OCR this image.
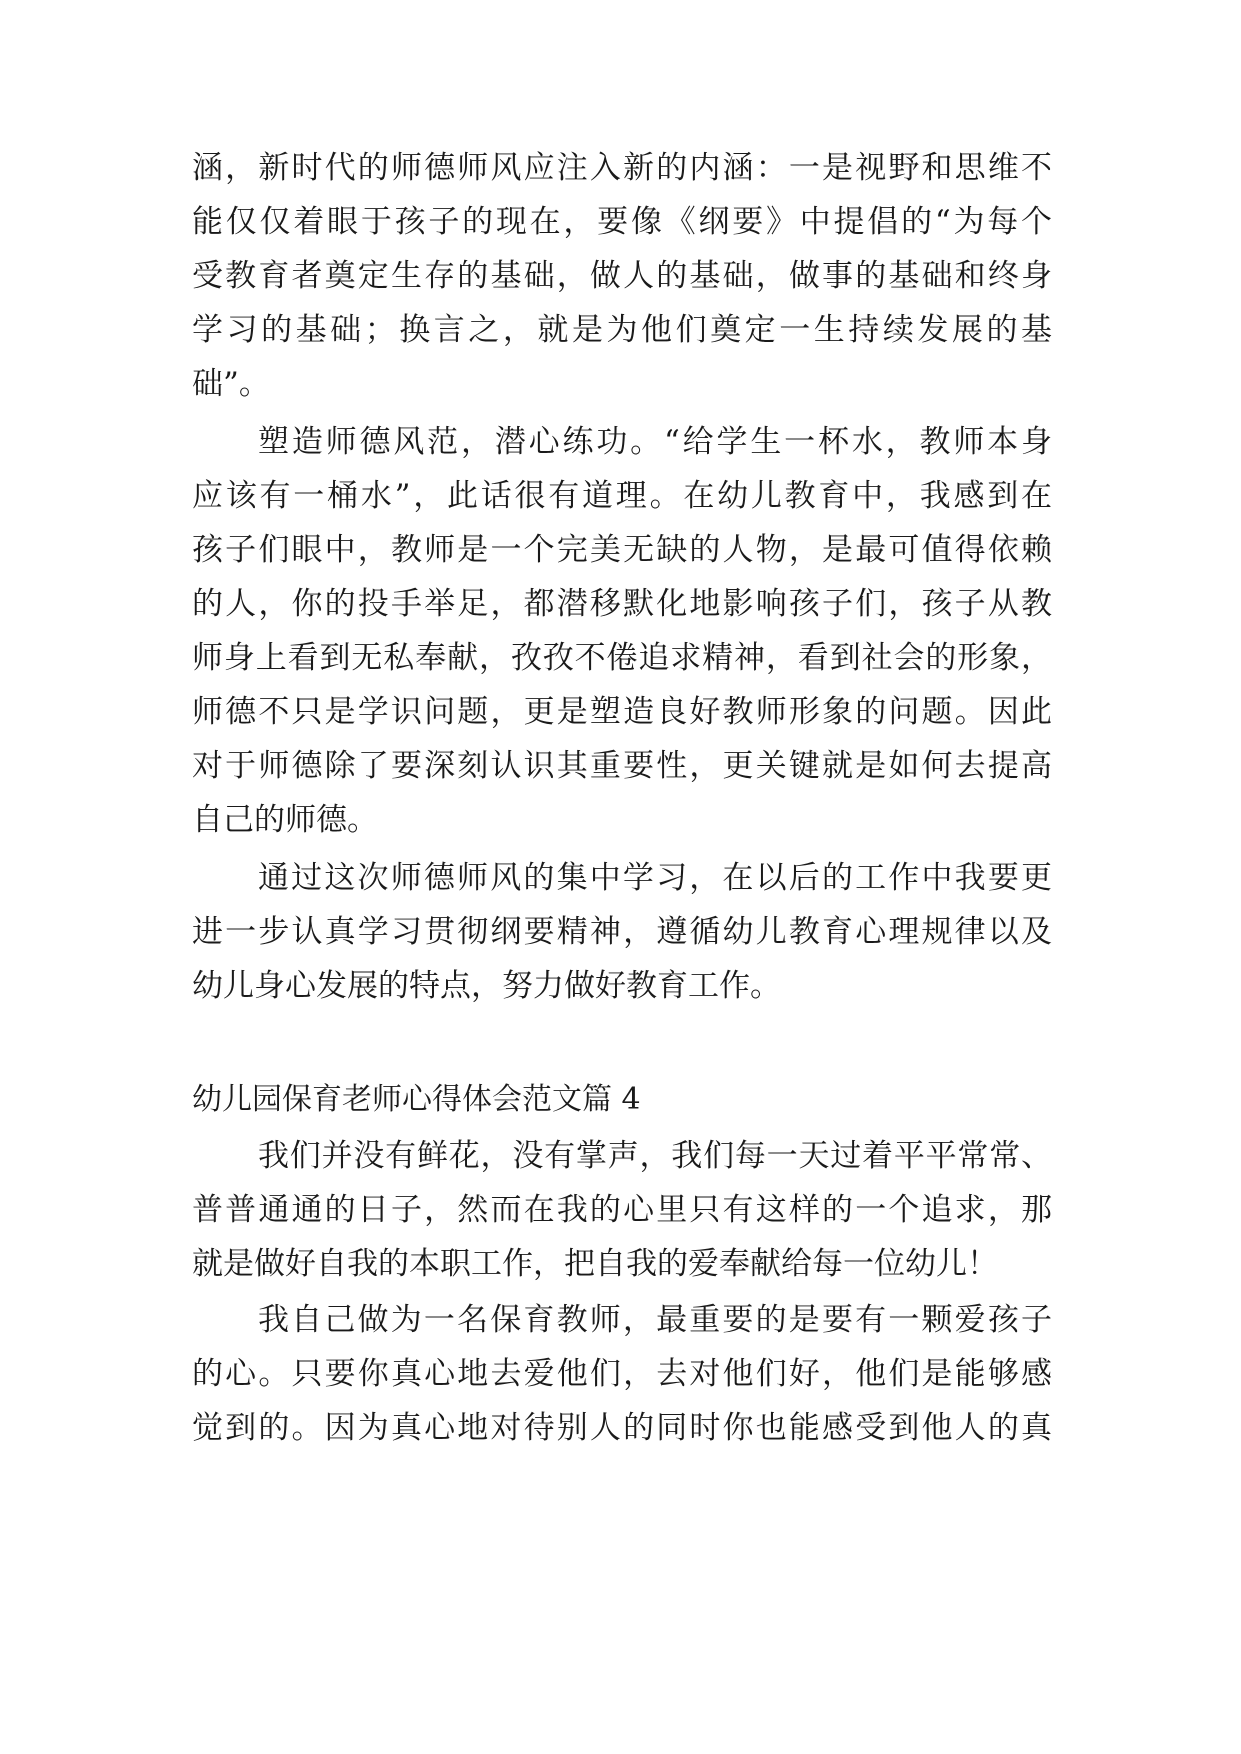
涵，新时代的师德师风应注入新的内涵：一是视野和思维不
能仅仅着眼于孩子的现在，要像《纲要》中提倡的“为每个
受教育者奠定生存的基础，做人的基础，做事的基础和终身
学习的基础；换言之，就是为他们奠定一生持续发展的基
础”。
塑造师德风范，潜心练功。“给学生一杯水，教师本身
应该有一桶水”，此话很有道理。在幼儿教育中，我感到在
孩子们眼中，教师是一个完美无缺的人物，是最可值得依赖
的人，你的投手举足，都潜移默化地影响孩子们，孩子从教
师身上看到无私奉献，孜孜不倦追求精神，看到社会的形象，
师德不只是学识问题，更是塑造良好教师形象的问题。因此
对于师德除了要深刻认识其重要性，更关键就是如何去提高
自己的师德。
通过这次师德师风的集中学习，在以后的工作中我要更
进一步认真学习贯彻纲要精神，遵循幼儿教育心理规律以及
幼儿身心发展的特点，努力做好教育工作。
幼儿园保育老师心得体会范文篇 4
我们并没有鲜花，没有掌声，我们每一天过着平平常常、
普普通通的日子，然而在我的心里只有这样的一个追求，那
就是做好自我的本职工作，把自我的爱奉献给每一位幼儿！
我自己做为一名保育教师，最重要的是要有一颗爱孩子
的心。只要你真心地去爱他们，去对他们好，他们是能够感
觉到的。因为真心地对待别人的同时你也能感受到他人的真
